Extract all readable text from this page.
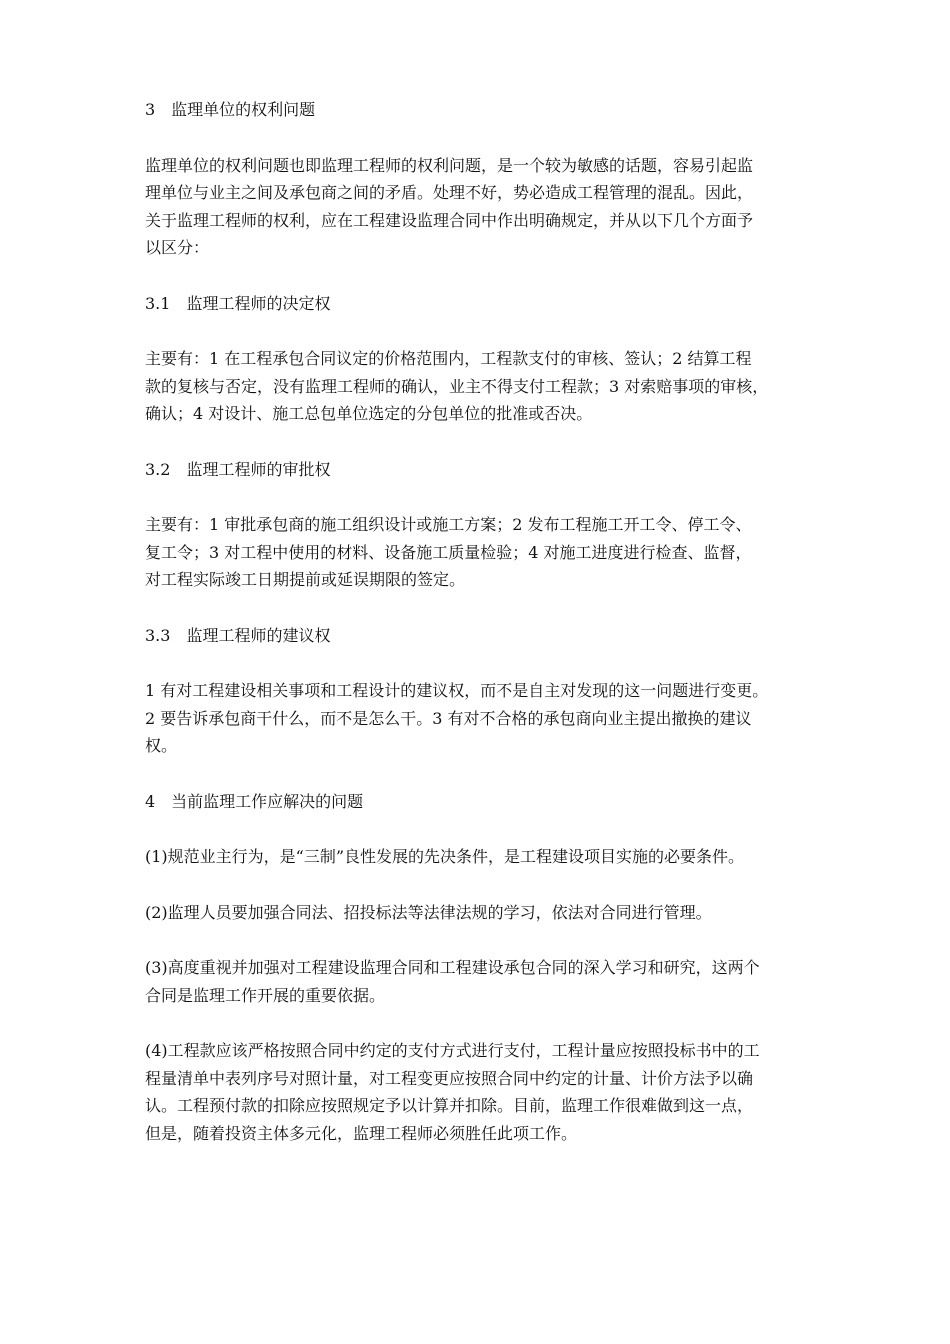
3　监理单位的权利问题

监理单位的权利问题也即监理工程师的权利问题，是一个较为敏感的话题，容易引起监
理单位与业主之间及承包商之间的矛盾。处理不好，势必造成工程管理的混乱。因此，
关于监理工程师的权利，应在工程建设监理合同中作出明确规定，并从以下几个方面予
以区分：

3.1　监理工程师的决定权

主要有：1 在工程承包合同议定的价格范围内，工程款支付的审核、签认；2 结算工程
款的复核与否定，没有监理工程师的确认，业主不得支付工程款；3 对索赔事项的审核，
确认；4 对设计、施工总包单位选定的分包单位的批准或否决。

3.2　监理工程师的审批权

主要有：1 审批承包商的施工组织设计或施工方案；2 发布工程施工开工令、停工令、
复工令；3 对工程中使用的材料、设备施工质量检验；4 对施工进度进行检查、监督，
对工程实际竣工日期提前或延误期限的签定。

3.3　监理工程师的建议权

1 有对工程建设相关事项和工程设计的建议权，而不是自主对发现的这一问题进行变更。
2 要告诉承包商干什么，而不是怎么干。3 有对不合格的承包商向业主提出撤换的建议
权。

4　当前监理工作应解决的问题

(1)规范业主行为，是“三制”良性发展的先决条件，是工程建设项目实施的必要条件。

(2)监理人员要加强合同法、招投标法等法律法规的学习，依法对合同进行管理。

(3)高度重视并加强对工程建设监理合同和工程建设承包合同的深入学习和研究，这两个
合同是监理工作开展的重要依据。

(4)工程款应该严格按照合同中约定的支付方式进行支付，工程计量应按照投标书中的工
程量清单中表列序号对照计量，对工程变更应按照合同中约定的计量、计价方法予以确
认。工程预付款的扣除应按照规定予以计算并扣除。目前，监理工作很难做到这一点，
但是，随着投资主体多元化，监理工程师必须胜任此项工作。
